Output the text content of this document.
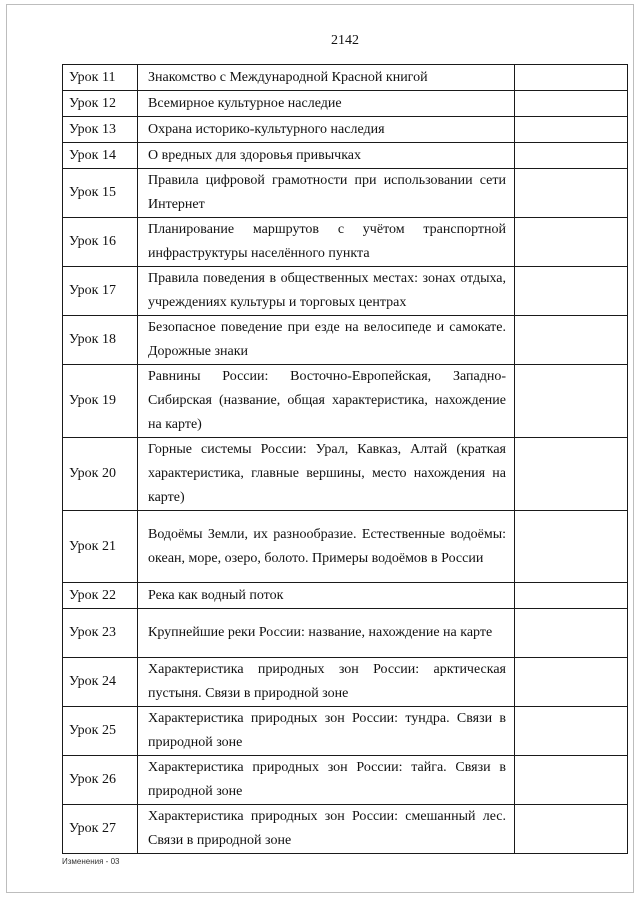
2142
Урок 11	Знакомство с Международной Красной книгой	
Урок 12	Всемирное культурное наследие	
Урок 13	Охрана историко-культурного наследия	
Урок 14	О вредных для здоровья привычках	
Урок 15	Правила цифровой грамотности при использовании сети Интернет	
Урок 16	Планирование маршрутов с учётом транспортной инфраструктуры населённого пункта	
Урок 17	Правила поведения в общественных местах: зонах отдыха, учреждениях культуры и торговых центрах	
Урок 18	Безопасное поведение при езде на велосипеде и самокате. Дорожные знаки	
Урок 19	Равнины России: Восточно-Европейская, Западно-Сибирская (название, общая характеристика, нахождение на карте)	
Урок 20	Горные системы России: Урал, Кавказ, Алтай (краткая характеристика, главные вершины, место нахождения на карте)	
Урок 21	Водоёмы Земли, их разнообразие. Естественные водоёмы: океан, море, озеро, болото. Примеры водоёмов в России	
Урок 22	Река как водный поток	
Урок 23	Крупнейшие реки России: название, нахождение на карте	
Урок 24	Характеристика природных зон России: арктическая пустыня. Связи в природной зоне	
Урок 25	Характеристика природных зон России: тундра. Связи в природной зоне	
Урок 26	Характеристика природных зон России: тайга. Связи в природной зоне	
Урок 27	Характеристика природных зон России: смешанный лес. Связи в природной зоне	
Изменения - 03
